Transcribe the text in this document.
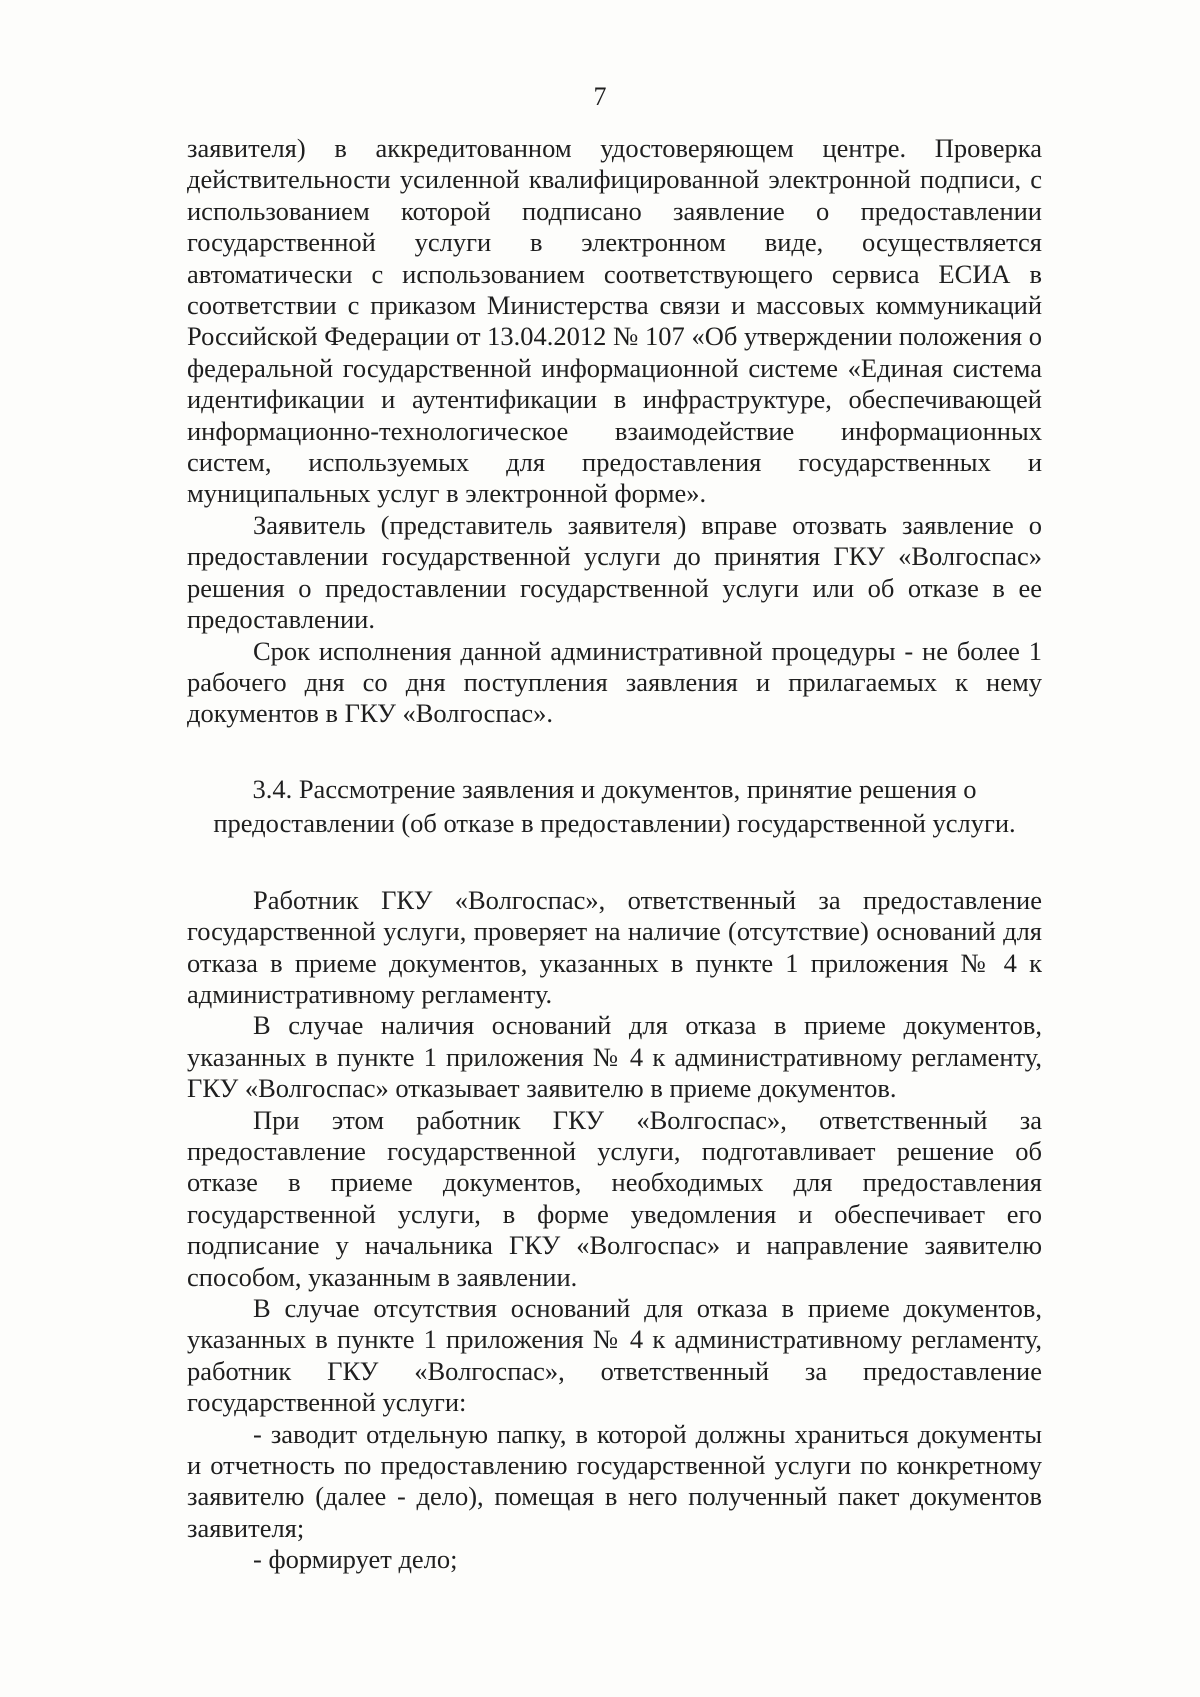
7

заявителя) в аккредитованном удостоверяющем центре. Проверка действительности усиленной квалифицированной электронной подписи, с использованием которой подписано заявление о предоставлении государственной услуги в электронном виде, осуществляется автоматически с использованием соответствующего сервиса ЕСИА в соответствии с приказом Министерства связи и массовых коммуникаций Российской Федерации от 13.04.2012 № 107 «Об утверждении положения о федеральной государственной информационной системе «Единая система идентификации и аутентификации в инфраструктуре, обеспечивающей информационно-технологическое взаимодействие информационных систем, используемых для предоставления государственных и муниципальных услуг в электронной форме».

Заявитель (представитель заявителя) вправе отозвать заявление о предоставлении государственной услуги до принятия ГКУ «Волгоспас» решения о предоставлении государственной услуги или об отказе в ее предоставлении.

Срок исполнения данной административной процедуры - не более 1 рабочего дня со дня поступления заявления и прилагаемых к нему документов в ГКУ «Волгоспас».

3.4. Рассмотрение заявления и документов, принятие решения о
предоставлении (об отказе в предоставлении) государственной услуги.

Работник ГКУ «Волгоспас», ответственный за предоставление государственной услуги, проверяет на наличие (отсутствие) оснований для отказа в приеме документов, указанных в пункте 1 приложения № 4 к административному регламенту.

В случае наличия оснований для отказа в приеме документов, указанных в пункте 1 приложения № 4 к административному регламенту, ГКУ «Волгоспас» отказывает заявителю в приеме документов.

При этом работник ГКУ «Волгоспас», ответственный за предоставление государственной услуги, подготавливает решение об отказе в приеме документов, необходимых для предоставления государственной услуги, в форме уведомления и обеспечивает его подписание у начальника ГКУ «Волгоспас» и направление заявителю способом, указанным в заявлении.

В случае отсутствия оснований для отказа в приеме документов, указанных в пункте 1 приложения № 4 к административному регламенту, работник ГКУ «Волгоспас», ответственный за предоставление государственной услуги:

- заводит отдельную папку, в которой должны храниться документы и отчетность по предоставлению государственной услуги по конкретному заявителю (далее - дело), помещая в него полученный пакет документов заявителя;

- формирует дело;
